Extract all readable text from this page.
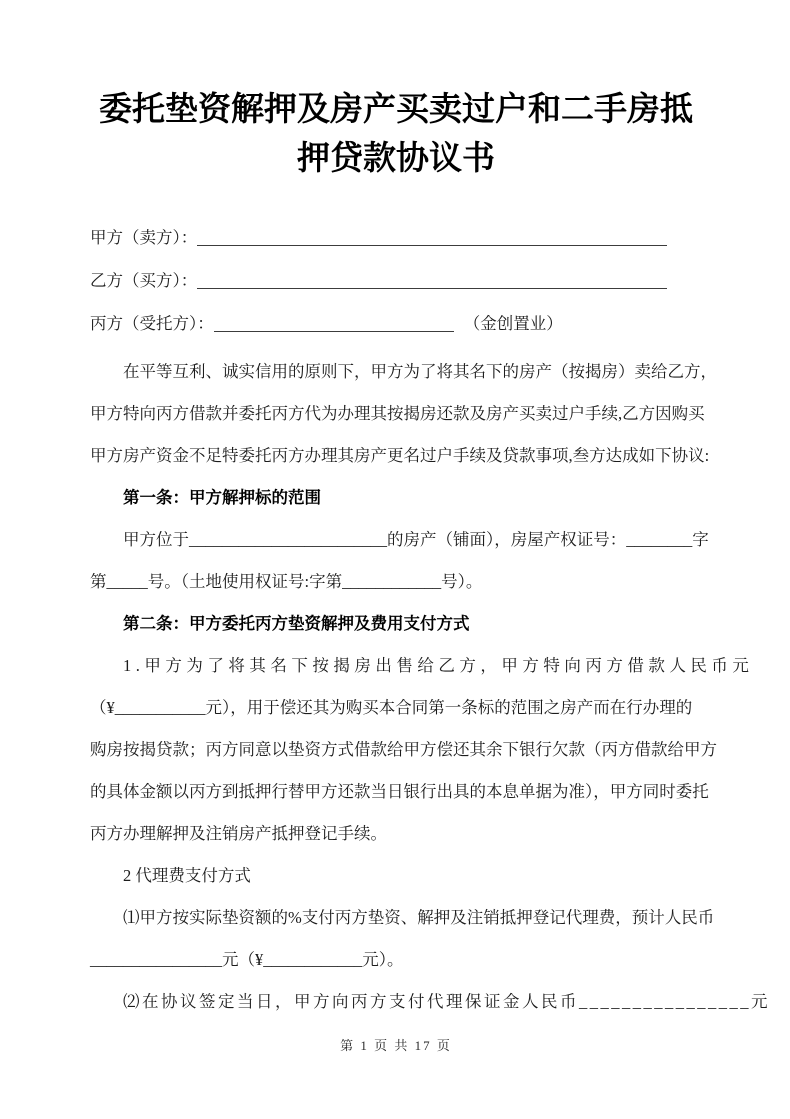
委托垫资解押及房产买卖过户和二手房抵
押贷款协议书
甲方（卖方）：
乙方（买方）：
丙方（受托方）：	（金创置业）
在平等互利、诚实信用的原则下，甲方为了将其名下的房产（按揭房）卖给乙方，
甲方特向丙方借款并委托丙方代为办理其按揭房还款及房产买卖过户手续,乙方因购买
甲方房产资金不足特委托丙方办理其房产更名过户手续及贷款事项,叁方达成如下协议:
第一条：甲方解押标的范围
甲方位于________________________的房产（铺面），房屋产权证号：________字
第_____号。（土地使用权证号:字第____________号）。
第二条：甲方委托丙方垫资解押及费用支付方式
1.甲方为了将其名下按揭房出售给乙方，甲方特向丙方借款人民币元
（¥___________元），用于偿还其为购买本合同第一条标的范围之房产而在行办理的
购房按揭贷款；丙方同意以垫资方式借款给甲方偿还其余下银行欠款（丙方借款给甲方
的具体金额以丙方到抵押行替甲方还款当日银行出具的本息单据为准），甲方同时委托
丙方办理解押及注销房产抵押登记手续。
2 代理费支付方式
⑴甲方按实际垫资额的%支付丙方垫资、解押及注销抵押登记代理费，预计人民币
________________元（¥____________元）。
⑵在协议签定当日，甲方向丙方支付代理保证金人民币________________元
第 1 页 共 17 页
